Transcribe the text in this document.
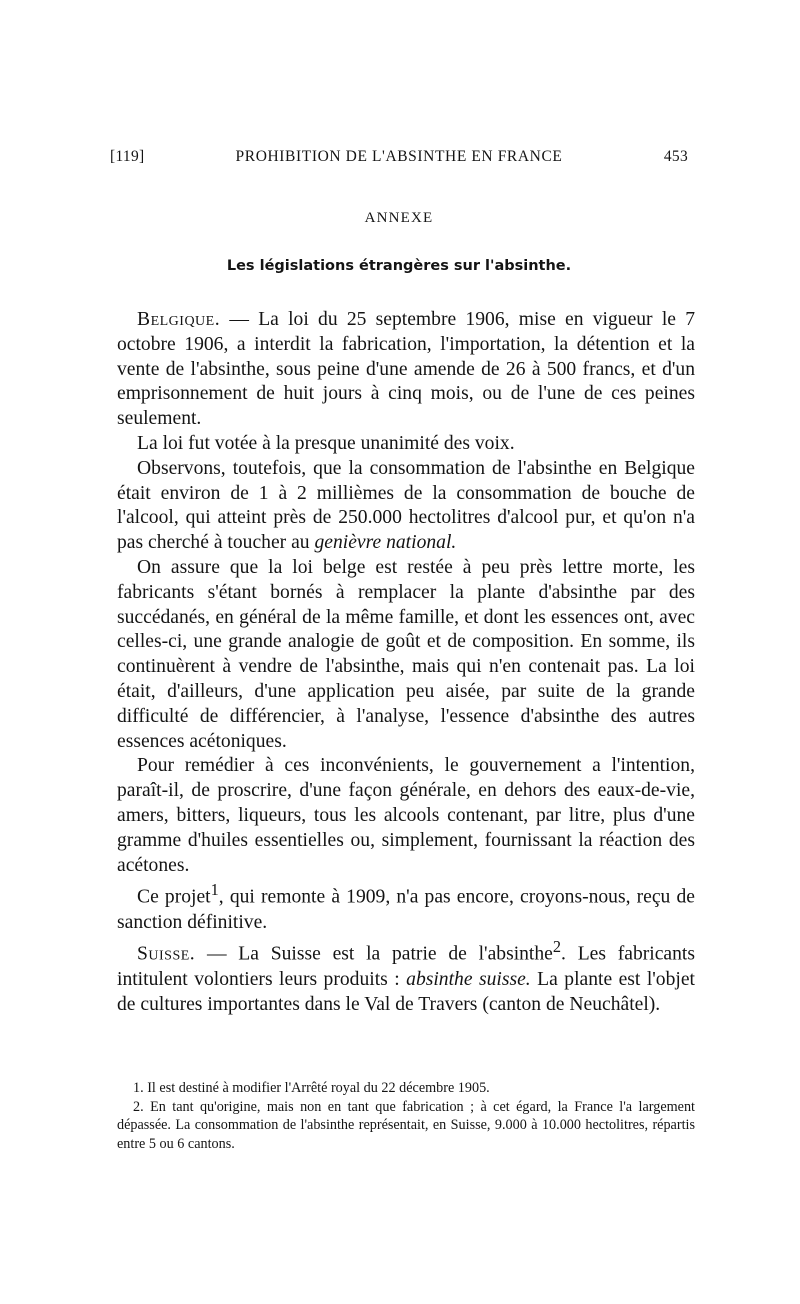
[119]	PROHIBITION DE L'ABSINTHE EN FRANCE	453
ANNEXE
Les législations étrangères sur l'absinthe.

Belgique. — La loi du 25 septembre 1906, mise en vigueur le 7 octobre 1906, a interdit la fabrication, l'importation, la détention et la vente de l'absinthe, sous peine d'une amende de 26 à 500 francs, et d'un emprisonnement de huit jours à cinq mois, ou de l'une de ces peines seulement.

La loi fut votée à la presque unanimité des voix.

Observons, toutefois, que la consommation de l'absinthe en Belgique était environ de 1 à 2 millièmes de la consommation de bouche de l'alcool, qui atteint près de 250.000 hectolitres d'alcool pur, et qu'on n'a pas cherché à toucher au genièvre national.

On assure que la loi belge est restée à peu près lettre morte, les fabricants s'étant bornés à remplacer la plante d'absinthe par des succédanés, en général de la même famille, et dont les essences ont, avec celles-ci, une grande analogie de goût et de composition. En somme, ils continuèrent à vendre de l'absinthe, mais qui n'en contenait pas. La loi était, d'ailleurs, d'une application peu aisée, par suite de la grande difficulté de différencier, à l'analyse, l'essence d'absinthe des autres essences acétoniques.

Pour remédier à ces inconvénients, le gouvernement a l'intention, paraît-il, de proscrire, d'une façon générale, en dehors des eaux-de-vie, amers, bitters, liqueurs, tous les alcools contenant, par litre, plus d'une gramme d'huiles essentielles ou, simplement, fournissant la réaction des acétones.

Ce projet$^1$, qui remonte à 1909, n'a pas encore, croyons-nous, reçu de sanction définitive.

Suisse. — La Suisse est la patrie de l'absinthe$^2$. Les fabricants intitulent volontiers leurs produits : absinthe suisse. La plante est l'objet de cultures importantes dans le Val de Travers (canton de Neuchâtel).

1. Il est destiné à modifier l'Arrêté royal du 22 décembre 1905.

2. En tant qu'origine, mais non en tant que fabrication ; à cet égard, la France l'a largement dépassée. La consommation de l'absinthe représentait, en Suisse, 9.000 à 10.000 hectolitres, répartis entre 5 ou 6 cantons.
